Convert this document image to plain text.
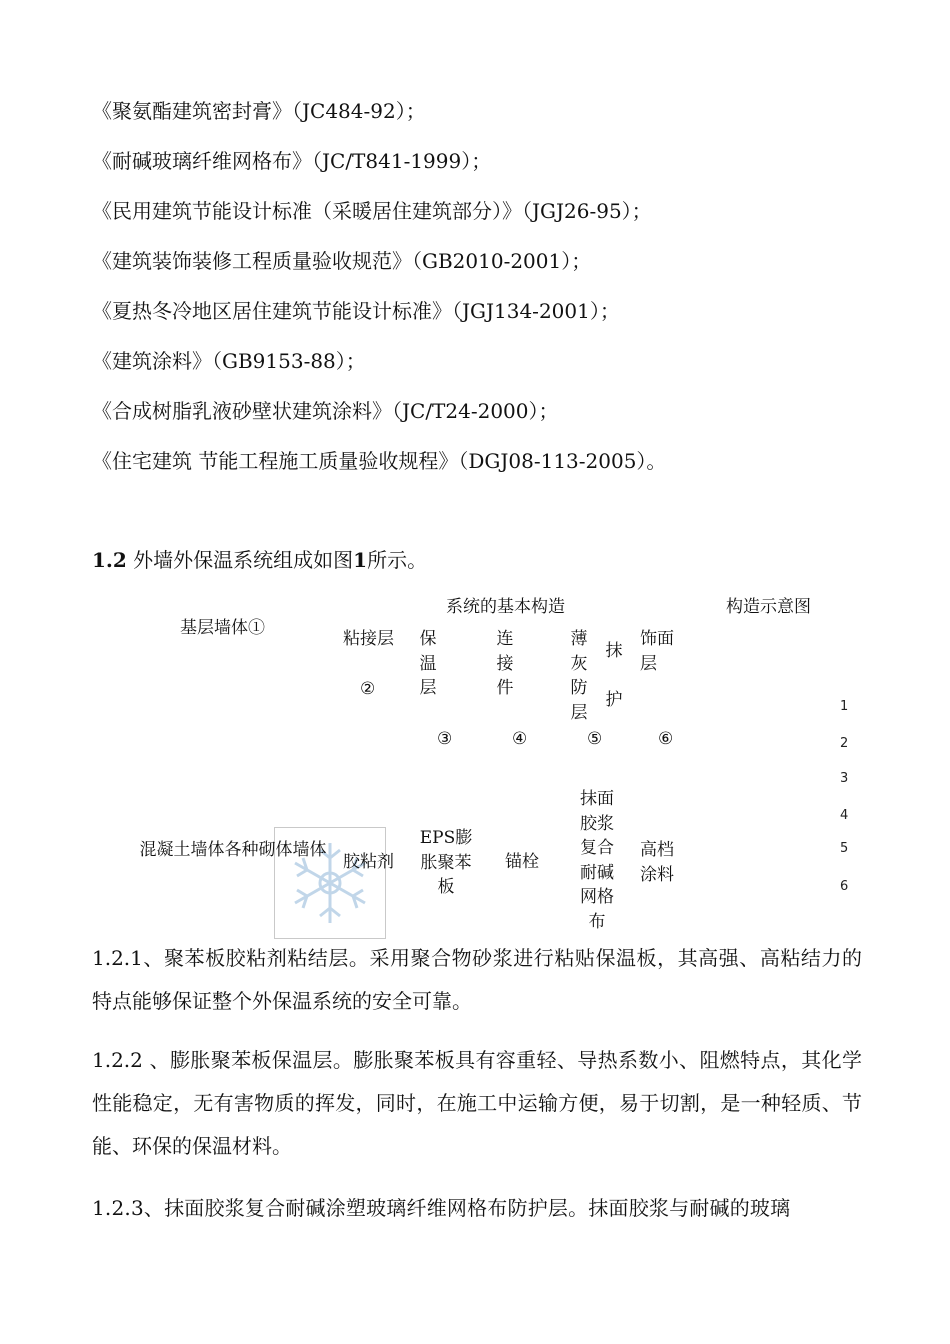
《聚氨酯建筑密封膏》（JC484-92）；
《耐碱玻璃纤维网格布》（JC/T841-1999）；
《民用建筑节能设计标准（采暖居住建筑部分）》（JGJ26-95）；
《建筑装饰装修工程质量验收规范》（GB2010-2001）；
《夏热冬冷地区居住建筑节能设计标准》（JGJ134-2001）；
《建筑涂料》（GB9153-88）；
《合成树脂乳液砂壁状建筑涂料》（JC/T24-2000）；
《住宅建筑 节能工程施工质量验收规程》（DGJ08-113-2005）。
1.2 外墙外保温系统组成如图1所示。
基层墙体①
系统的基本构造	构造示意图
粘接层
②
保温层
③
连接件
④
薄灰防层
抹护
⑤
饰面层
⑥
1
2
3
4
5
6
混凝土墙体各种砌体墙体
胶粘剂
EPS膨胀聚苯板
锚栓
抹面胶浆复合耐碱网格布
高档涂料
1.2.1、聚苯板胶粘剂粘结层。采用聚合物砂浆进行粘贴保温板，其高强、高粘结力的特点能够保证整个外保温系统的安全可靠。
1.2.2 、膨胀聚苯板保温层。膨胀聚苯板具有容重轻、导热系数小、阻燃特点，其化学性能稳定，无有害物质的挥发，同时，在施工中运输方便，易于切割，是一种轻质、节能、环保的保温材料。
1.2.3、抹面胶浆复合耐碱涂塑玻璃纤维网格布防护层。抹面胶浆与耐碱的玻璃
